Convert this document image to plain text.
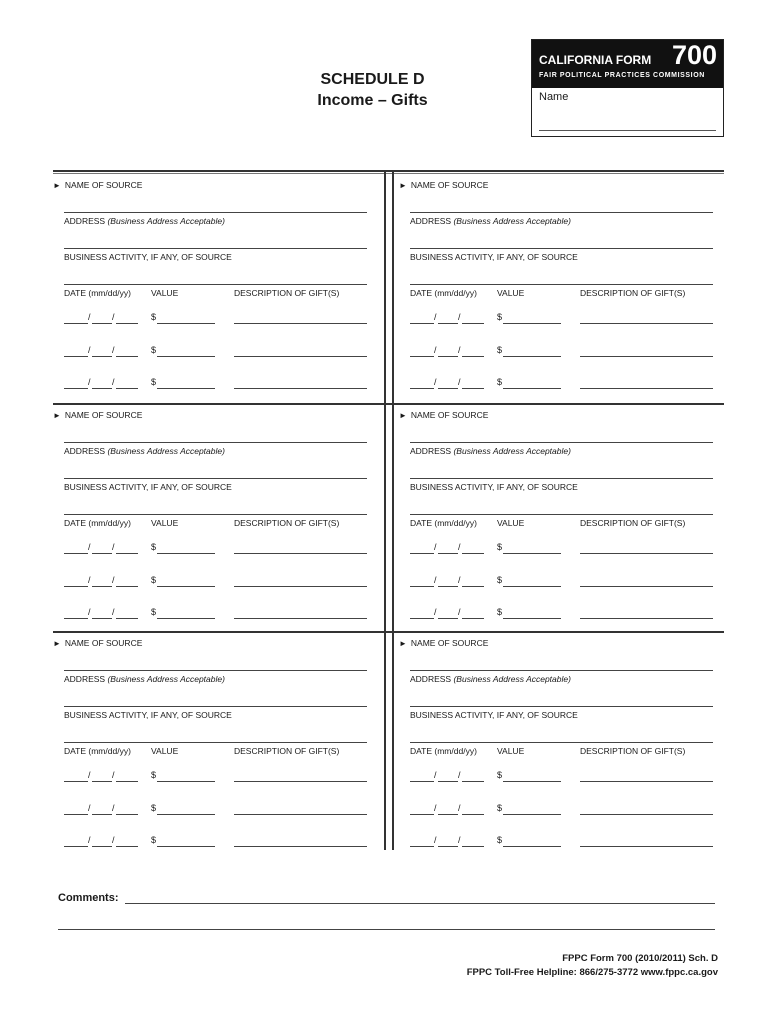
SCHEDULE D
Income – Gifts
CALIFORNIA FORM 700
FAIR POLITICAL PRACTICES COMMISSION
Name
► NAME OF SOURCE
ADDRESS (Business Address Acceptable)
BUSINESS ACTIVITY, IF ANY, OF SOURCE
DATE (mm/dd/yy) VALUE	DESCRIPTION OF GIFT(S)
/ /	$
/ /	$
/ /	$
► NAME OF SOURCE
ADDRESS (Business Address Acceptable)
BUSINESS ACTIVITY, IF ANY, OF SOURCE
DATE (mm/dd/yy) VALUE	DESCRIPTION OF GIFT(S)
/ /	$
/ /	$
/ /	$
► NAME OF SOURCE
ADDRESS (Business Address Acceptable)
BUSINESS ACTIVITY, IF ANY, OF SOURCE
DATE (mm/dd/yy) VALUE	DESCRIPTION OF GIFT(S)
/ /	$
/ /	$
/ /	$
► NAME OF SOURCE
ADDRESS (Business Address Acceptable)
BUSINESS ACTIVITY, IF ANY, OF SOURCE
DATE (mm/dd/yy) VALUE	DESCRIPTION OF GIFT(S)
/ /	$
/ /	$
/ /	$
► NAME OF SOURCE
ADDRESS (Business Address Acceptable)
BUSINESS ACTIVITY, IF ANY, OF SOURCE
DATE (mm/dd/yy) VALUE	DESCRIPTION OF GIFT(S)
/ /	$
/ /	$
/ /	$
► NAME OF SOURCE
ADDRESS (Business Address Acceptable)
BUSINESS ACTIVITY, IF ANY, OF SOURCE
DATE (mm/dd/yy) VALUE	DESCRIPTION OF GIFT(S)
/ /	$
/ /	$
/ /	$
Comments:
FPPC Form 700 (2010/2011) Sch. D
FPPC Toll-Free Helpline: 866/275-3772 www.fppc.ca.gov
